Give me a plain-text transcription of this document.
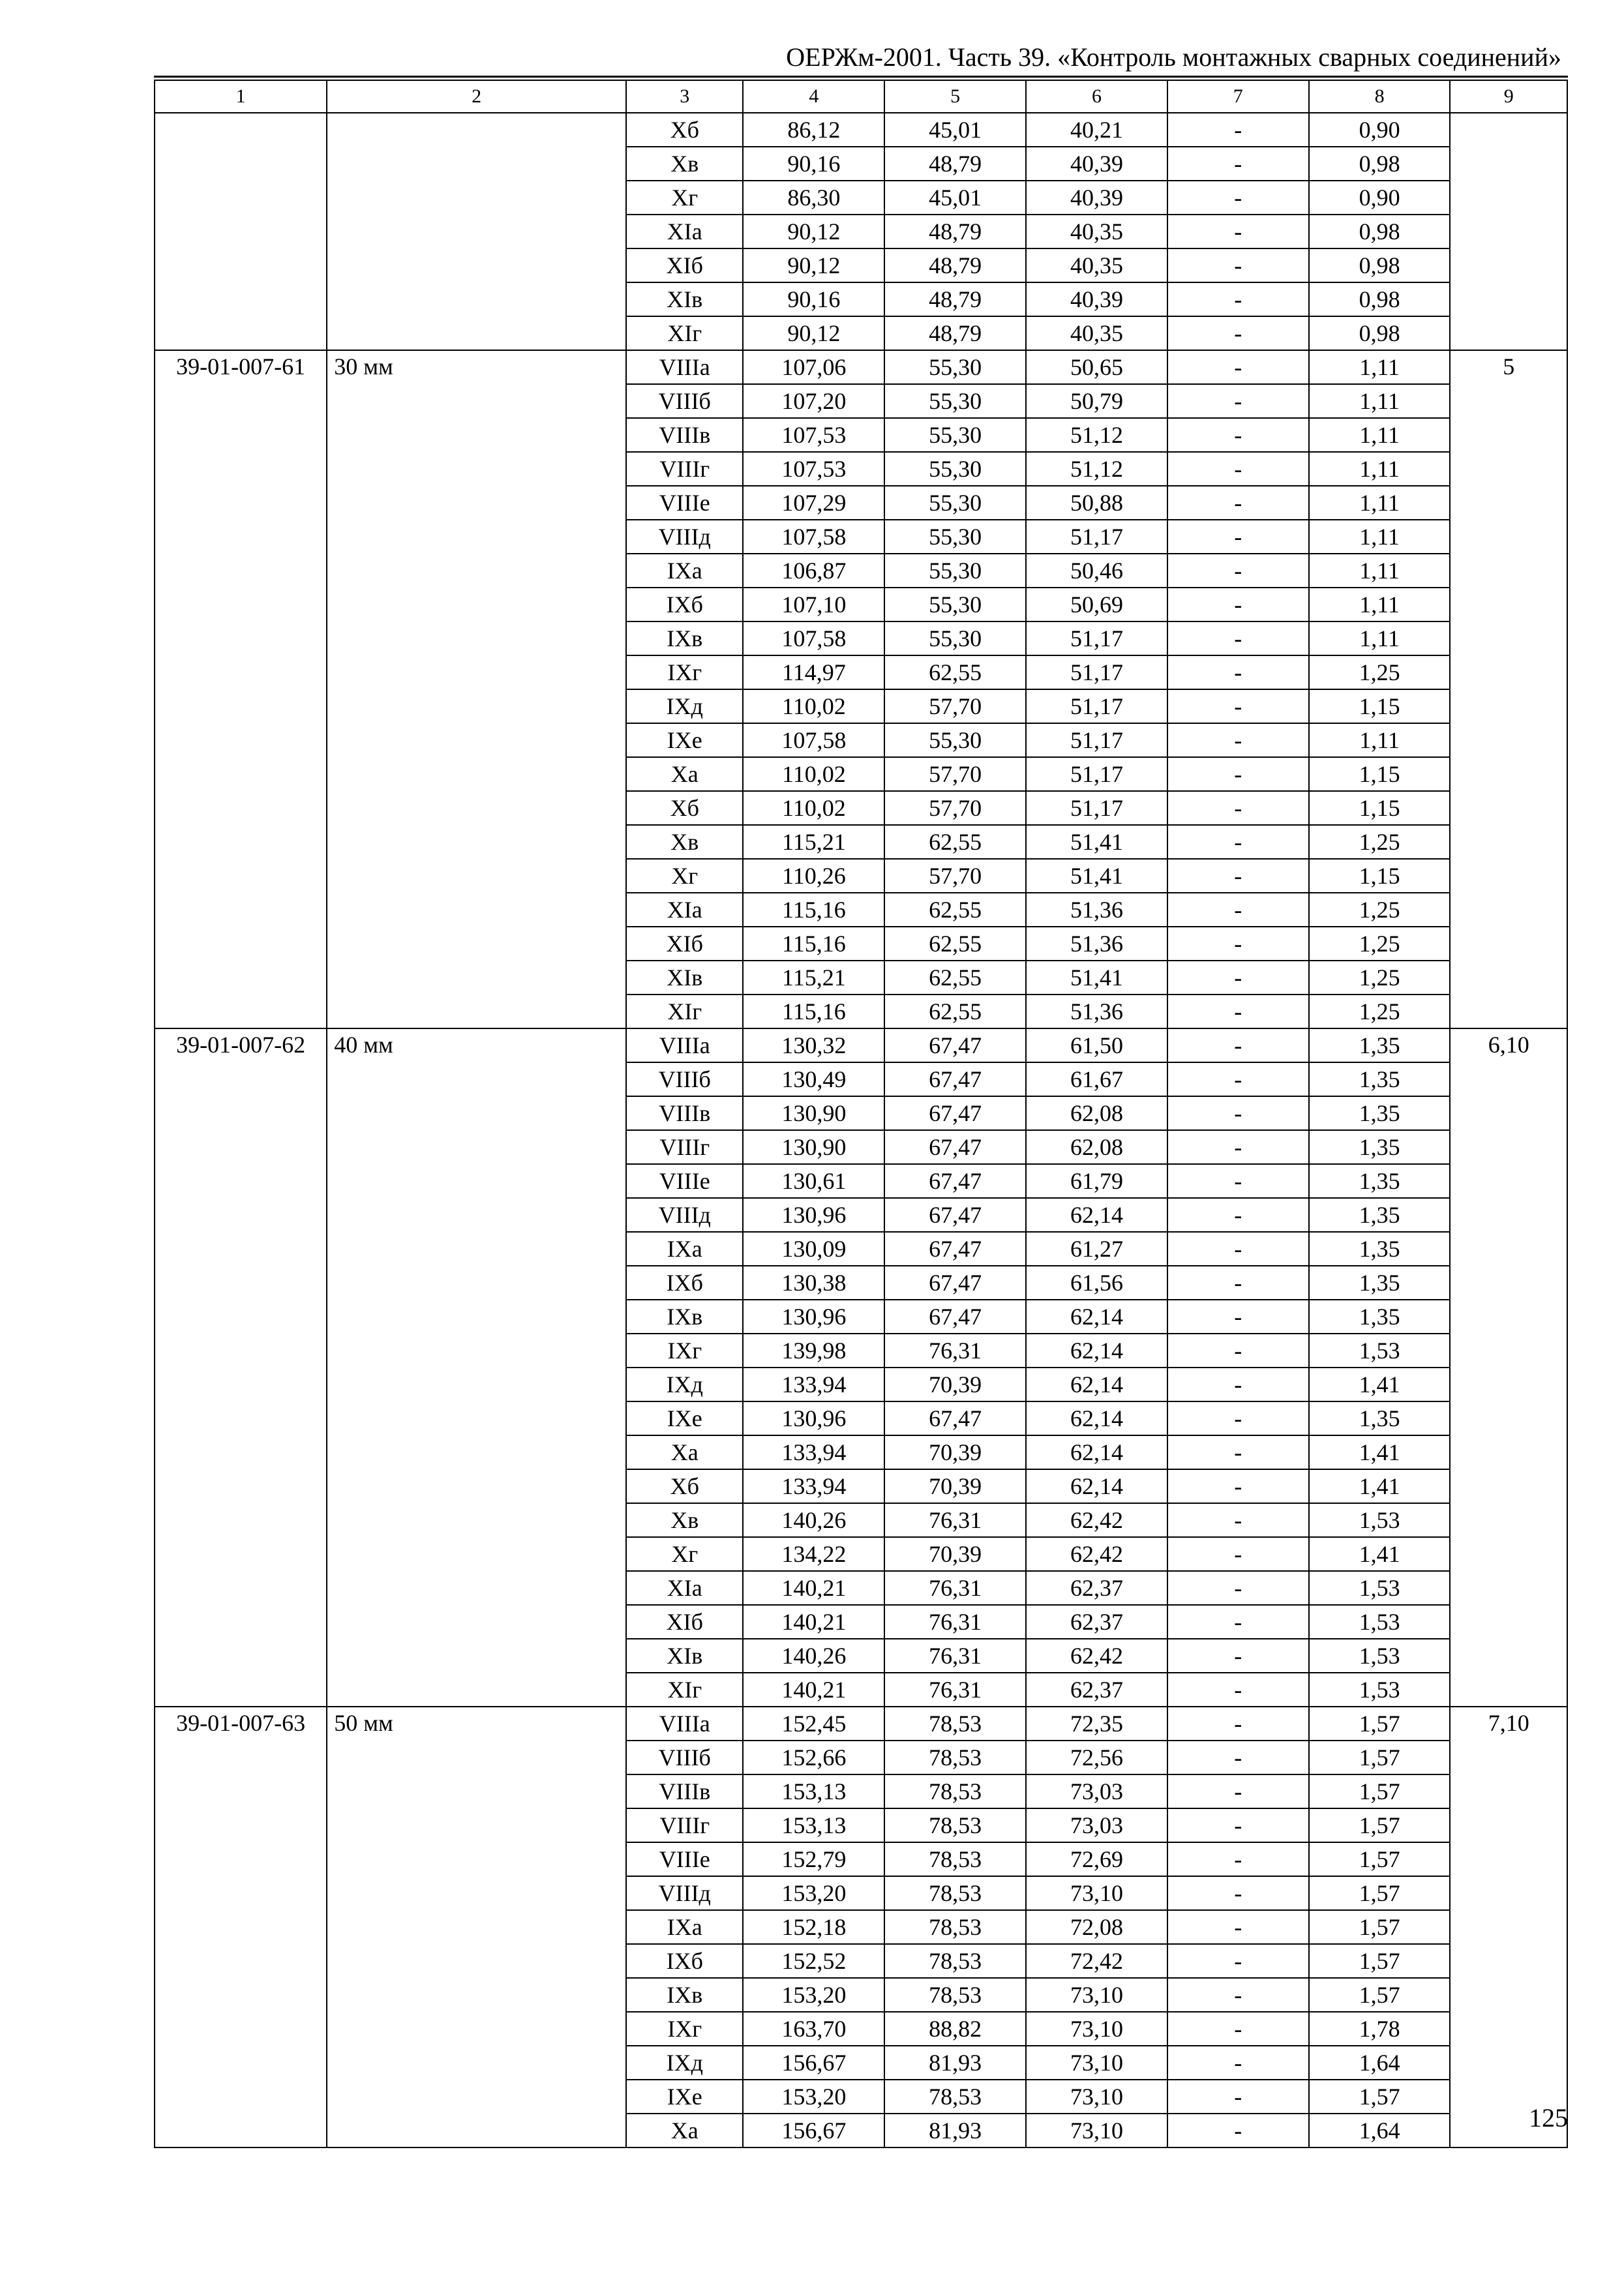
ОЕРЖм-2001. Часть 39. «Контроль монтажных сварных соединений»
1	2	3	4	5	6	7	8	9
		Хб	86,12	45,01	40,21	-	0,90	
		Хв	90,16	48,79	40,39	-	0,98	
		Хг	86,30	45,01	40,39	-	0,90	
		ХIа	90,12	48,79	40,35	-	0,98	
		ХIб	90,12	48,79	40,35	-	0,98	
		ХIв	90,16	48,79	40,39	-	0,98	
		ХIг	90,12	48,79	40,35	-	0,98	
39-01-007-61	30 мм	VIIIа	107,06	55,30	50,65	-	1,11	5
		VIIIб	107,20	55,30	50,79	-	1,11	
		VIIIв	107,53	55,30	51,12	-	1,11	
		VIIIг	107,53	55,30	51,12	-	1,11	
		VIIIе	107,29	55,30	50,88	-	1,11	
		VIIIд	107,58	55,30	51,17	-	1,11	
		IХа	106,87	55,30	50,46	-	1,11	
		IХб	107,10	55,30	50,69	-	1,11	
		IХв	107,58	55,30	51,17	-	1,11	
		IХг	114,97	62,55	51,17	-	1,25	
		IХд	110,02	57,70	51,17	-	1,15	
		IХе	107,58	55,30	51,17	-	1,11	
		Ха	110,02	57,70	51,17	-	1,15	
		Хб	110,02	57,70	51,17	-	1,15	
		Хв	115,21	62,55	51,41	-	1,25	
		Хг	110,26	57,70	51,41	-	1,15	
		ХIа	115,16	62,55	51,36	-	1,25	
		ХIб	115,16	62,55	51,36	-	1,25	
		ХIв	115,21	62,55	51,41	-	1,25	
		ХIг	115,16	62,55	51,36	-	1,25	
39-01-007-62	40 мм	VIIIа	130,32	67,47	61,50	-	1,35	6,10
		VIIIб	130,49	67,47	61,67	-	1,35	
		VIIIв	130,90	67,47	62,08	-	1,35	
		VIIIг	130,90	67,47	62,08	-	1,35	
		VIIIе	130,61	67,47	61,79	-	1,35	
		VIIIд	130,96	67,47	62,14	-	1,35	
		IХа	130,09	67,47	61,27	-	1,35	
		IХб	130,38	67,47	61,56	-	1,35	
		IХв	130,96	67,47	62,14	-	1,35	
		IХг	139,98	76,31	62,14	-	1,53	
		IХд	133,94	70,39	62,14	-	1,41	
		IХе	130,96	67,47	62,14	-	1,35	
		Ха	133,94	70,39	62,14	-	1,41	
		Хб	133,94	70,39	62,14	-	1,41	
		Хв	140,26	76,31	62,42	-	1,53	
		Хг	134,22	70,39	62,42	-	1,41	
		ХIа	140,21	76,31	62,37	-	1,53	
		ХIб	140,21	76,31	62,37	-	1,53	
		ХIв	140,26	76,31	62,42	-	1,53	
		ХIг	140,21	76,31	62,37	-	1,53	
39-01-007-63	50 мм	VIIIа	152,45	78,53	72,35	-	1,57	7,10
		VIIIб	152,66	78,53	72,56	-	1,57	
		VIIIв	153,13	78,53	73,03	-	1,57	
		VIIIг	153,13	78,53	73,03	-	1,57	
		VIIIе	152,79	78,53	72,69	-	1,57	
		VIIIд	153,20	78,53	73,10	-	1,57	
		IХа	152,18	78,53	72,08	-	1,57	
		IХб	152,52	78,53	72,42	-	1,57	
		IХв	153,20	78,53	73,10	-	1,57	
		IХг	163,70	88,82	73,10	-	1,78	
		IХд	156,67	81,93	73,10	-	1,64	
		IХе	153,20	78,53	73,10	-	1,57	
		Ха	156,67	81,93	73,10	-	1,64		125
